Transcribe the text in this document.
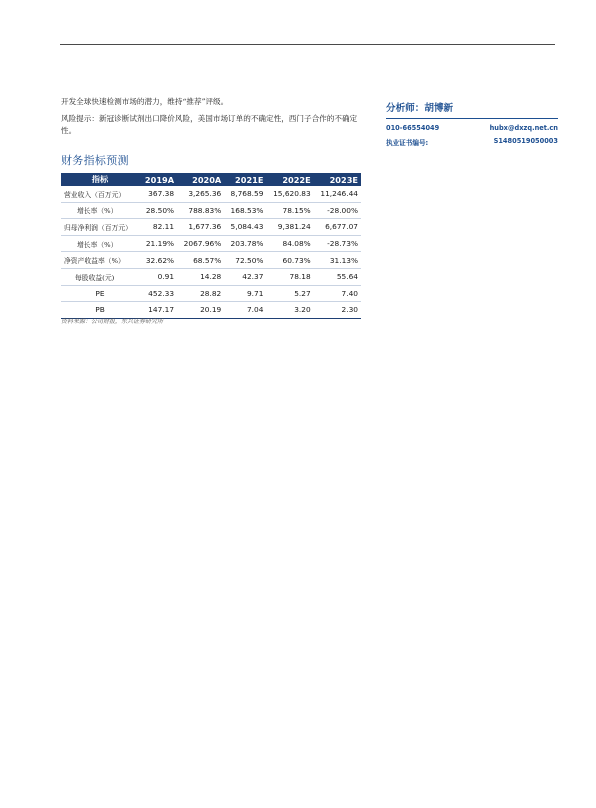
开发全球快速检测市场的潜力，维持“推荐”评级。

风险提示：新冠诊断试剂出口降价风险，美国市场订单的不确定性，西门子合作的不确定性。

财务指标预测
指标	2019A	2020A	2021E	2022E	2023E
营业收入（百万元）	367.38	3,265.36	8,768.59	15,620.83	11,246.44
增长率（%）	28.50%	788.83%	168.53%	78.15%	-28.00%
归母净利润（百万元）	82.11	1,677.36	5,084.43	9,381.24	6,677.07
增长率（%）	21.19%	2067.96%	203.78%	84.08%	-28.73%
净资产收益率（%）	32.62%	68.57%	72.50%	60.73%	31.13%
每股收益(元)	0.91	14.28	42.37	78.18	55.64
PE	452.33	28.82	9.71	5.27	7.40
PB	147.17	20.19	7.04	3.20	2.30
资料来源：公司财报，东兴证券研究所
分析师：胡博新
010-66554049	hubx@dxzq.net.cn
执业证书编号:	S1480519050003
